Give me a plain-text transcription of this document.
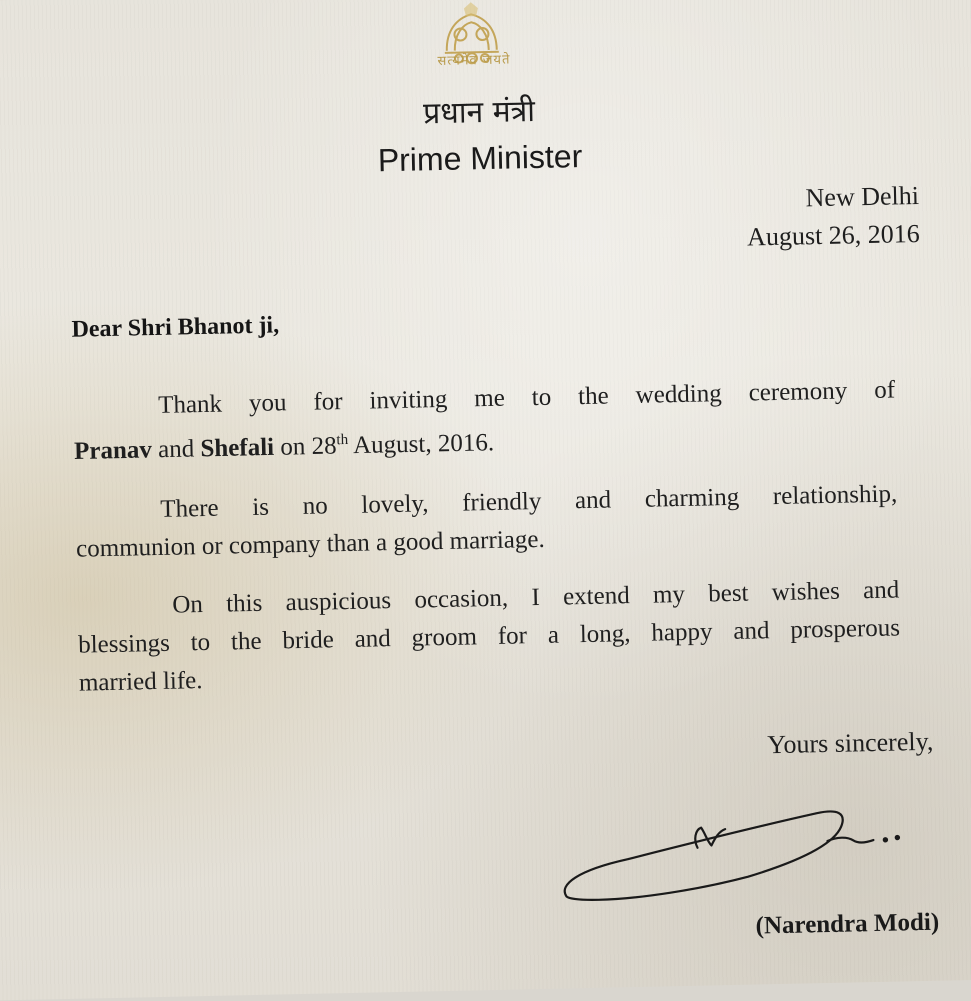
सत्यमेव जयते
प्रधान मंत्री
Prime Minister
New Delhi
August 26, 2016
Dear Shri Bhanot ji,
Thank you for inviting me to the wedding ceremony of
Pranav and Shefali on 28th August, 2016.
There is no lovely, friendly and charming relationship,
communion or company than a good marriage.
On this auspicious occasion, I extend my best wishes and
blessings to the bride and groom for a long, happy and prosperous
married life.
Yours sincerely,
(Narendra Modi)
